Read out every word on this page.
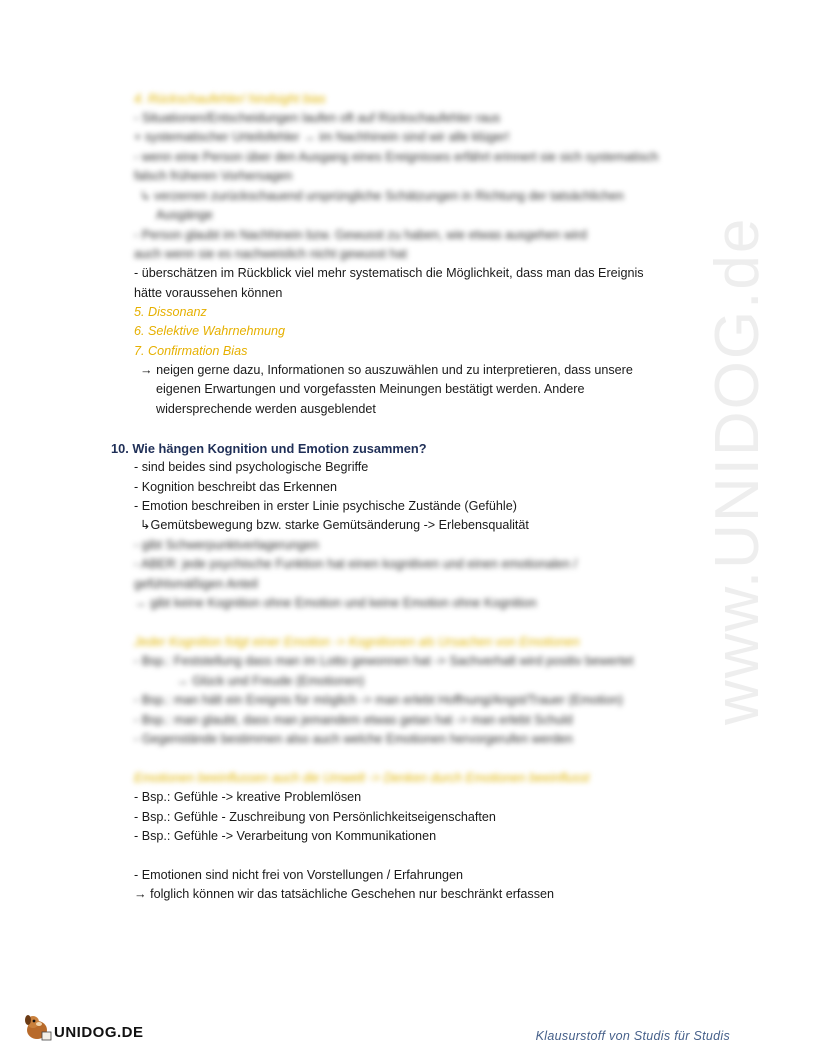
www.UNIDOG.de
4. Rückschaufehler/ hindsight bias
- Situationen/Entscheidungen laufen oft auf Rückschaufehler raus
+ systematischer Urteilsfehler → im Nachhinein sind wir alle klüger!
- wenn eine Person über den Ausgang eines Ereignisses erfährt erinnert sie sich systematisch
falsch früheren Vorhersagen
↳ verzerren zurückschauend ursprüngliche Schätzungen in Richtung der tatsächlichen
Ausgänge
- Person glaubt im Nachhinein bzw. Gewusst zu haben, wie etwas ausgehen wird
auch wenn sie es nachweislich nicht gewusst hat
- überschätzen im Rückblick viel mehr systematisch die Möglichkeit, dass man das Ereignis
hätte voraussehen können
5. Dissonanz
6. Selektive Wahrnehmung
7. Confirmation Bias
→ neigen gerne dazu, Informationen so auszuwählen und zu interpretieren, dass unsere
eigenen Erwartungen und vorgefassten Meinungen bestätigt werden. Andere
widersprechende werden ausgeblendet
10. Wie hängen Kognition und Emotion zusammen?
- sind beides sind psychologische Begriffe
- Kognition beschreibt das Erkennen
- Emotion beschreiben in erster Linie psychische Zustände (Gefühle)
↳Gemütsbewegung bzw. starke Gemütsänderung -> Erlebensqualität
- gibt Schwerpunktverlagerungen
- ABER: jede psychische Funktion hat einen kognitiven und einen emotionalen /
gefühlsmäßigen Anteil
→ gibt keine Kognition ohne Emotion und keine Emotion ohne Kognition
Jeder Kognition folgt einer Emotion -> Kognitionen als Ursachen von Emotionen
- Bsp.: Feststellung dass man im Lotto gewonnen hat -> Sachverhalt wird positiv bewertet
→ Glück und Freude (Emotionen)
- Bsp.: man hält ein Ereignis für möglich -> man erlebt Hoffnung/Angst/Trauer (Emotion)
- Bsp.: man glaubt, dass man jemandem etwas getan hat -> man erlebt Schuld
- Gegenstände bestimmen also auch welche Emotionen hervorgerufen werden
Emotionen beeinflussen auch die Umwelt -> Denken durch Emotionen beeinflusst
- Bsp.: Gefühle -> kreative Problemlösen
- Bsp.: Gefühle - Zuschreibung von Persönlichkeitseigenschaften
- Bsp.: Gefühle -> Verarbeitung von Kommunikationen
- Emotionen sind nicht frei von Vorstellungen / Erfahrungen
→ folglich können wir das tatsächliche Geschehen nur beschränkt erfassen
UNIDOG.DE	Klausurstoff von Studis für Studis
